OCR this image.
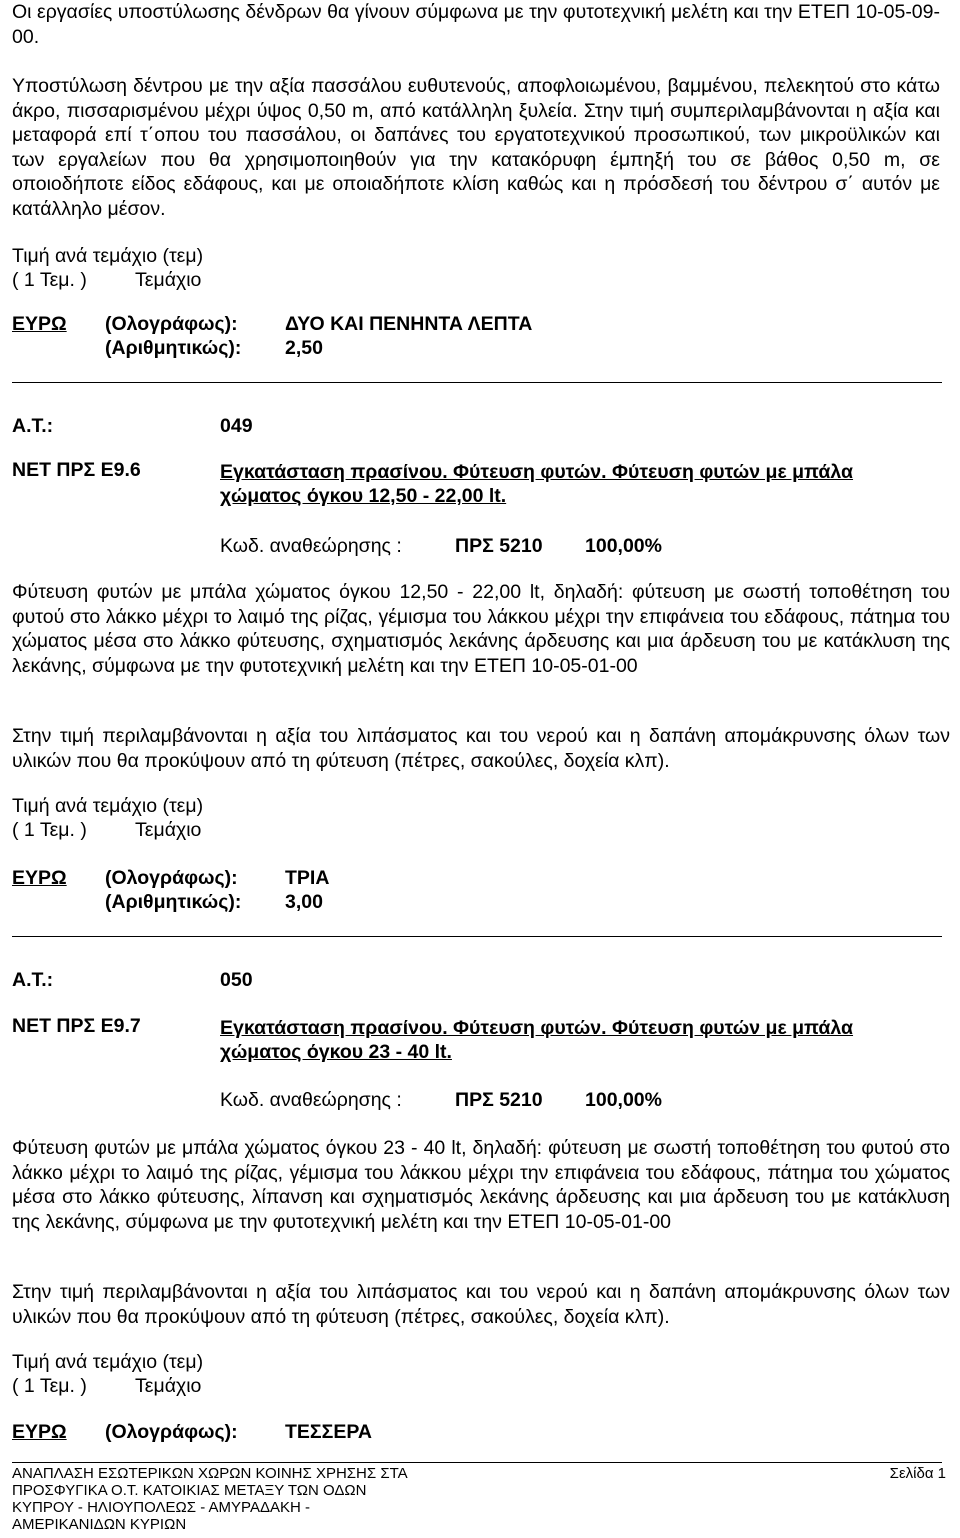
Οι εργασίες υποστύλωσης δένδρων θα γίνουν σύμφωνα με την φυτοτεχνική μελέτη και την ΕΤΕΠ 10-05-09-00.
Υποστύλωση δέντρου με την αξία πασσάλου ευθυτενούς, αποφλοιωμένου, βαμμένου, πελεκητού στο κάτω άκρο, πισσαρισμένου μέχρι ύψος 0,50 m, από κατάλληλη ξυλεία. Στην τιμή συμπεριλαμβάνονται η αξία και μεταφορά επί τ΄οπου του πασσάλου, οι δαπάνες του εργατοτεχνικού προσωπικού, των μικροϋλικών και των εργαλείων που θα χρησιμοποιηθούν για την κατακόρυφη έμπηξή του σε βάθος 0,50 m, σε οποιοδήποτε είδος εδάφους, και με οποιαδήποτε κλίση καθώς και η πρόσδεσή του δέντρου σ΄ αυτόν με κατάλληλο μέσον.
Τιμή ανά τεμάχιο (τεμ)
( 1 Τεμ. ) Τεμάχιο
ΕΥΡΩ (Ολογράφως): ΔΥΟ ΚΑΙ ΠΕΝΗΝΤΑ ΛΕΠΤΑ
(Αριθμητικώς): 2,50
Α.Τ.:	049
ΝΕΤ ΠΡΣ Ε9.6	Εγκατάσταση πρασίνου. Φύτευση φυτών. Φύτευση φυτών με μπάλα
χώματος όγκου 12,50 - 22,00 lt.
Κωδ. αναθεώρησης :	ΠΡΣ 5210 100,00%
Φύτευση φυτών με μπάλα χώματος όγκου 12,50 - 22,00 lt, δηλαδή: φύτευση με σωστή τοποθέτηση του φυτού στο λάκκο μέχρι το λαιμό της ρίζας, γέμισμα του λάκκου μέχρι την επιφάνεια του εδάφους, πάτημα του χώματος μέσα στο λάκκο φύτευσης, σχηματισμός λεκάνης άρδευσης και μια άρδευση του με κατάκλυση της λεκάνης, σύμφωνα με την φυτοτεχνική μελέτη και την ΕΤΕΠ 10-05-01-00
Στην τιμή περιλαμβάνονται η αξία του λιπάσματος και του νερού και η δαπάνη απομάκρυνσης όλων των υλικών που θα προκύψουν από τη φύτευση (πέτρες, σακούλες, δοχεία κλπ).
Τιμή ανά τεμάχιο (τεμ)
( 1 Τεμ. ) Τεμάχιο
ΕΥΡΩ (Ολογράφως): ΤΡΙΑ
(Αριθμητικώς): 3,00
Α.Τ.:	050
ΝΕΤ ΠΡΣ Ε9.7	Εγκατάσταση πρασίνου. Φύτευση φυτών. Φύτευση φυτών με μπάλα
χώματος όγκου 23 - 40 lt.
Κωδ. αναθεώρησης :	ΠΡΣ 5210 100,00%
Φύτευση φυτών με μπάλα χώματος όγκου 23 - 40 lt, δηλαδή: φύτευση με σωστή τοποθέτηση του φυτού στο λάκκο μέχρι το λαιμό της ρίζας, γέμισμα του λάκκου μέχρι την επιφάνεια του εδάφους, πάτημα του χώματος μέσα στο λάκκο φύτευσης, λίπανση και σχηματισμός λεκάνης άρδευσης και μια άρδευση του με κατάκλυση της λεκάνης, σύμφωνα με την φυτοτεχνική μελέτη και την ΕΤΕΠ 10-05-01-00
Στην τιμή περιλαμβάνονται η αξία του λιπάσματος και του νερού και η δαπάνη απομάκρυνσης όλων των υλικών που θα προκύψουν από τη φύτευση (πέτρες, σακούλες, δοχεία κλπ).
Τιμή ανά τεμάχιο (τεμ)
( 1 Τεμ. ) Τεμάχιο
ΕΥΡΩ (Ολογράφως): ΤΕΣΣΕΡΑ
ΑΝΑΠΛΑΣΗ ΕΣΩΤΕΡΙΚΩΝ ΧΩΡΩΝ ΚΟΙΝΗΣ ΧΡΗΣΗΣ ΣΤΑ
ΠΡΟΣΦΥΓΙΚΑ Ο.Τ. ΚΑΤΟΙΚΙΑΣ ΜΕΤΑΞΥ ΤΩΝ ΟΔΩΝ
ΚΥΠΡΟΥ - ΗΛΙΟΥΠΟΛΕΩΣ - ΑΜΥΡΑΔΑΚΗ -
ΑΜΕΡΙΚΑΝΙΔΩΝ ΚΥΡΙΩΝ
Σελίδα 1
